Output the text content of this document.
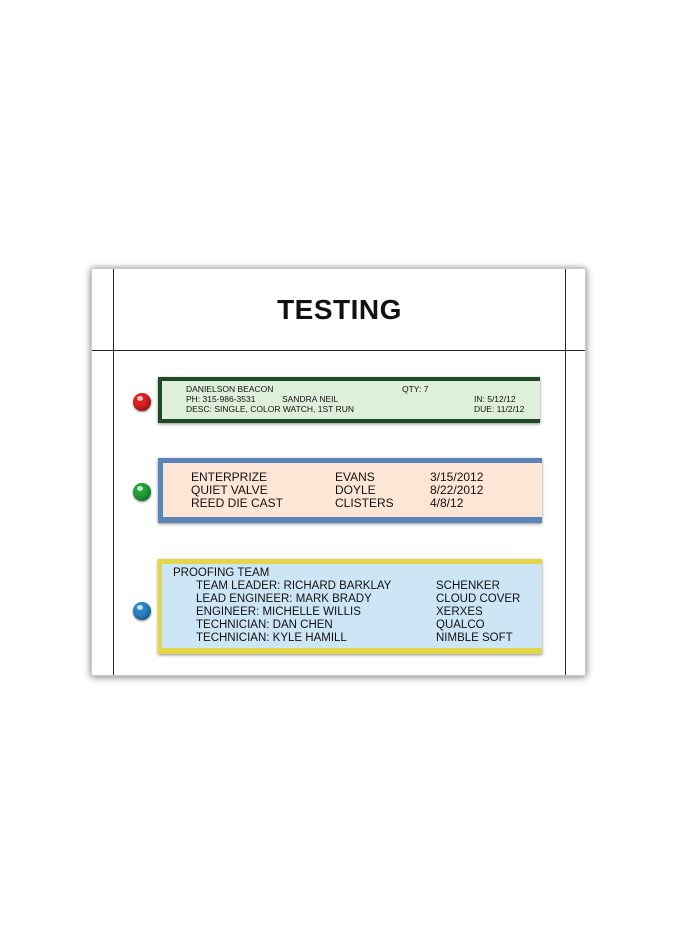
TESTING
DANIELSON BEACON	QTY: 7
PH: 315-986-3531	SANDRA NEIL	IN: 5/12/12
DESC: SINGLE, COLOR WATCH, 1ST RUN	DUE: 11/2/12
ENTERPRIZE	EVANS	3/15/2012
QUIET VALVE	DOYLE	8/22/2012
REED DIE CAST	CLISTERS	4/8/12
PROOFING TEAM
TEAM LEADER: RICHARD BARKLAY	SCHENKER
LEAD ENGINEER: MARK BRADY	CLOUD COVER
ENGINEER: MICHELLE WILLIS	XERXES
TECHNICIAN: DAN CHEN	QUALCO
TECHNICIAN: KYLE HAMILL	NIMBLE SOFT
